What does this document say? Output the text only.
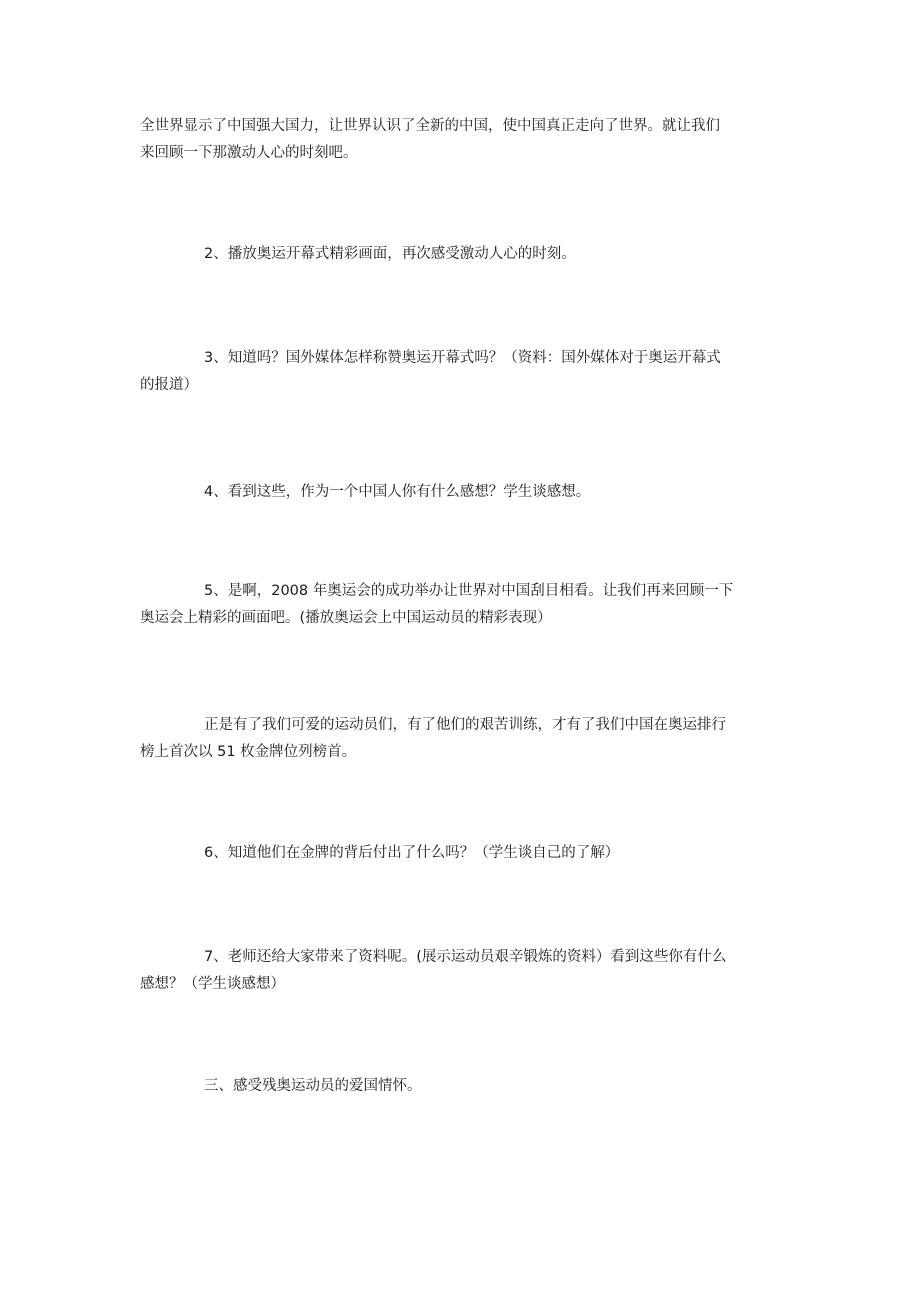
全世界显示了中国强大国力，让世界认识了全新的中国，使中国真正走向了世界。就让我们
来回顾一下那激动人心的时刻吧。

2、播放奥运开幕式精彩画面，再次感受激动人心的时刻。

3、知道吗？国外媒体怎样称赞奥运开幕式吗？（资料：国外媒体对于奥运开幕式
的报道）

4、看到这些，作为一个中国人你有什么感想？学生谈感想。

5、是啊，2008 年奥运会的成功举办让世界对中国刮目相看。让我们再来回顾一下
奥运会上精彩的画面吧。(播放奥运会上中国运动员的精彩表现）

正是有了我们可爱的运动员们，有了他们的艰苦训练，才有了我们中国在奥运排行
榜上首次以 51 枚金牌位列榜首。

6、知道他们在金牌的背后付出了什么吗？（学生谈自己的了解）

7、老师还给大家带来了资料呢。(展示运动员艰辛锻炼的资料）看到这些你有什么
感想？（学生谈感想）

三、感受残奥运动员的爱国情怀。
